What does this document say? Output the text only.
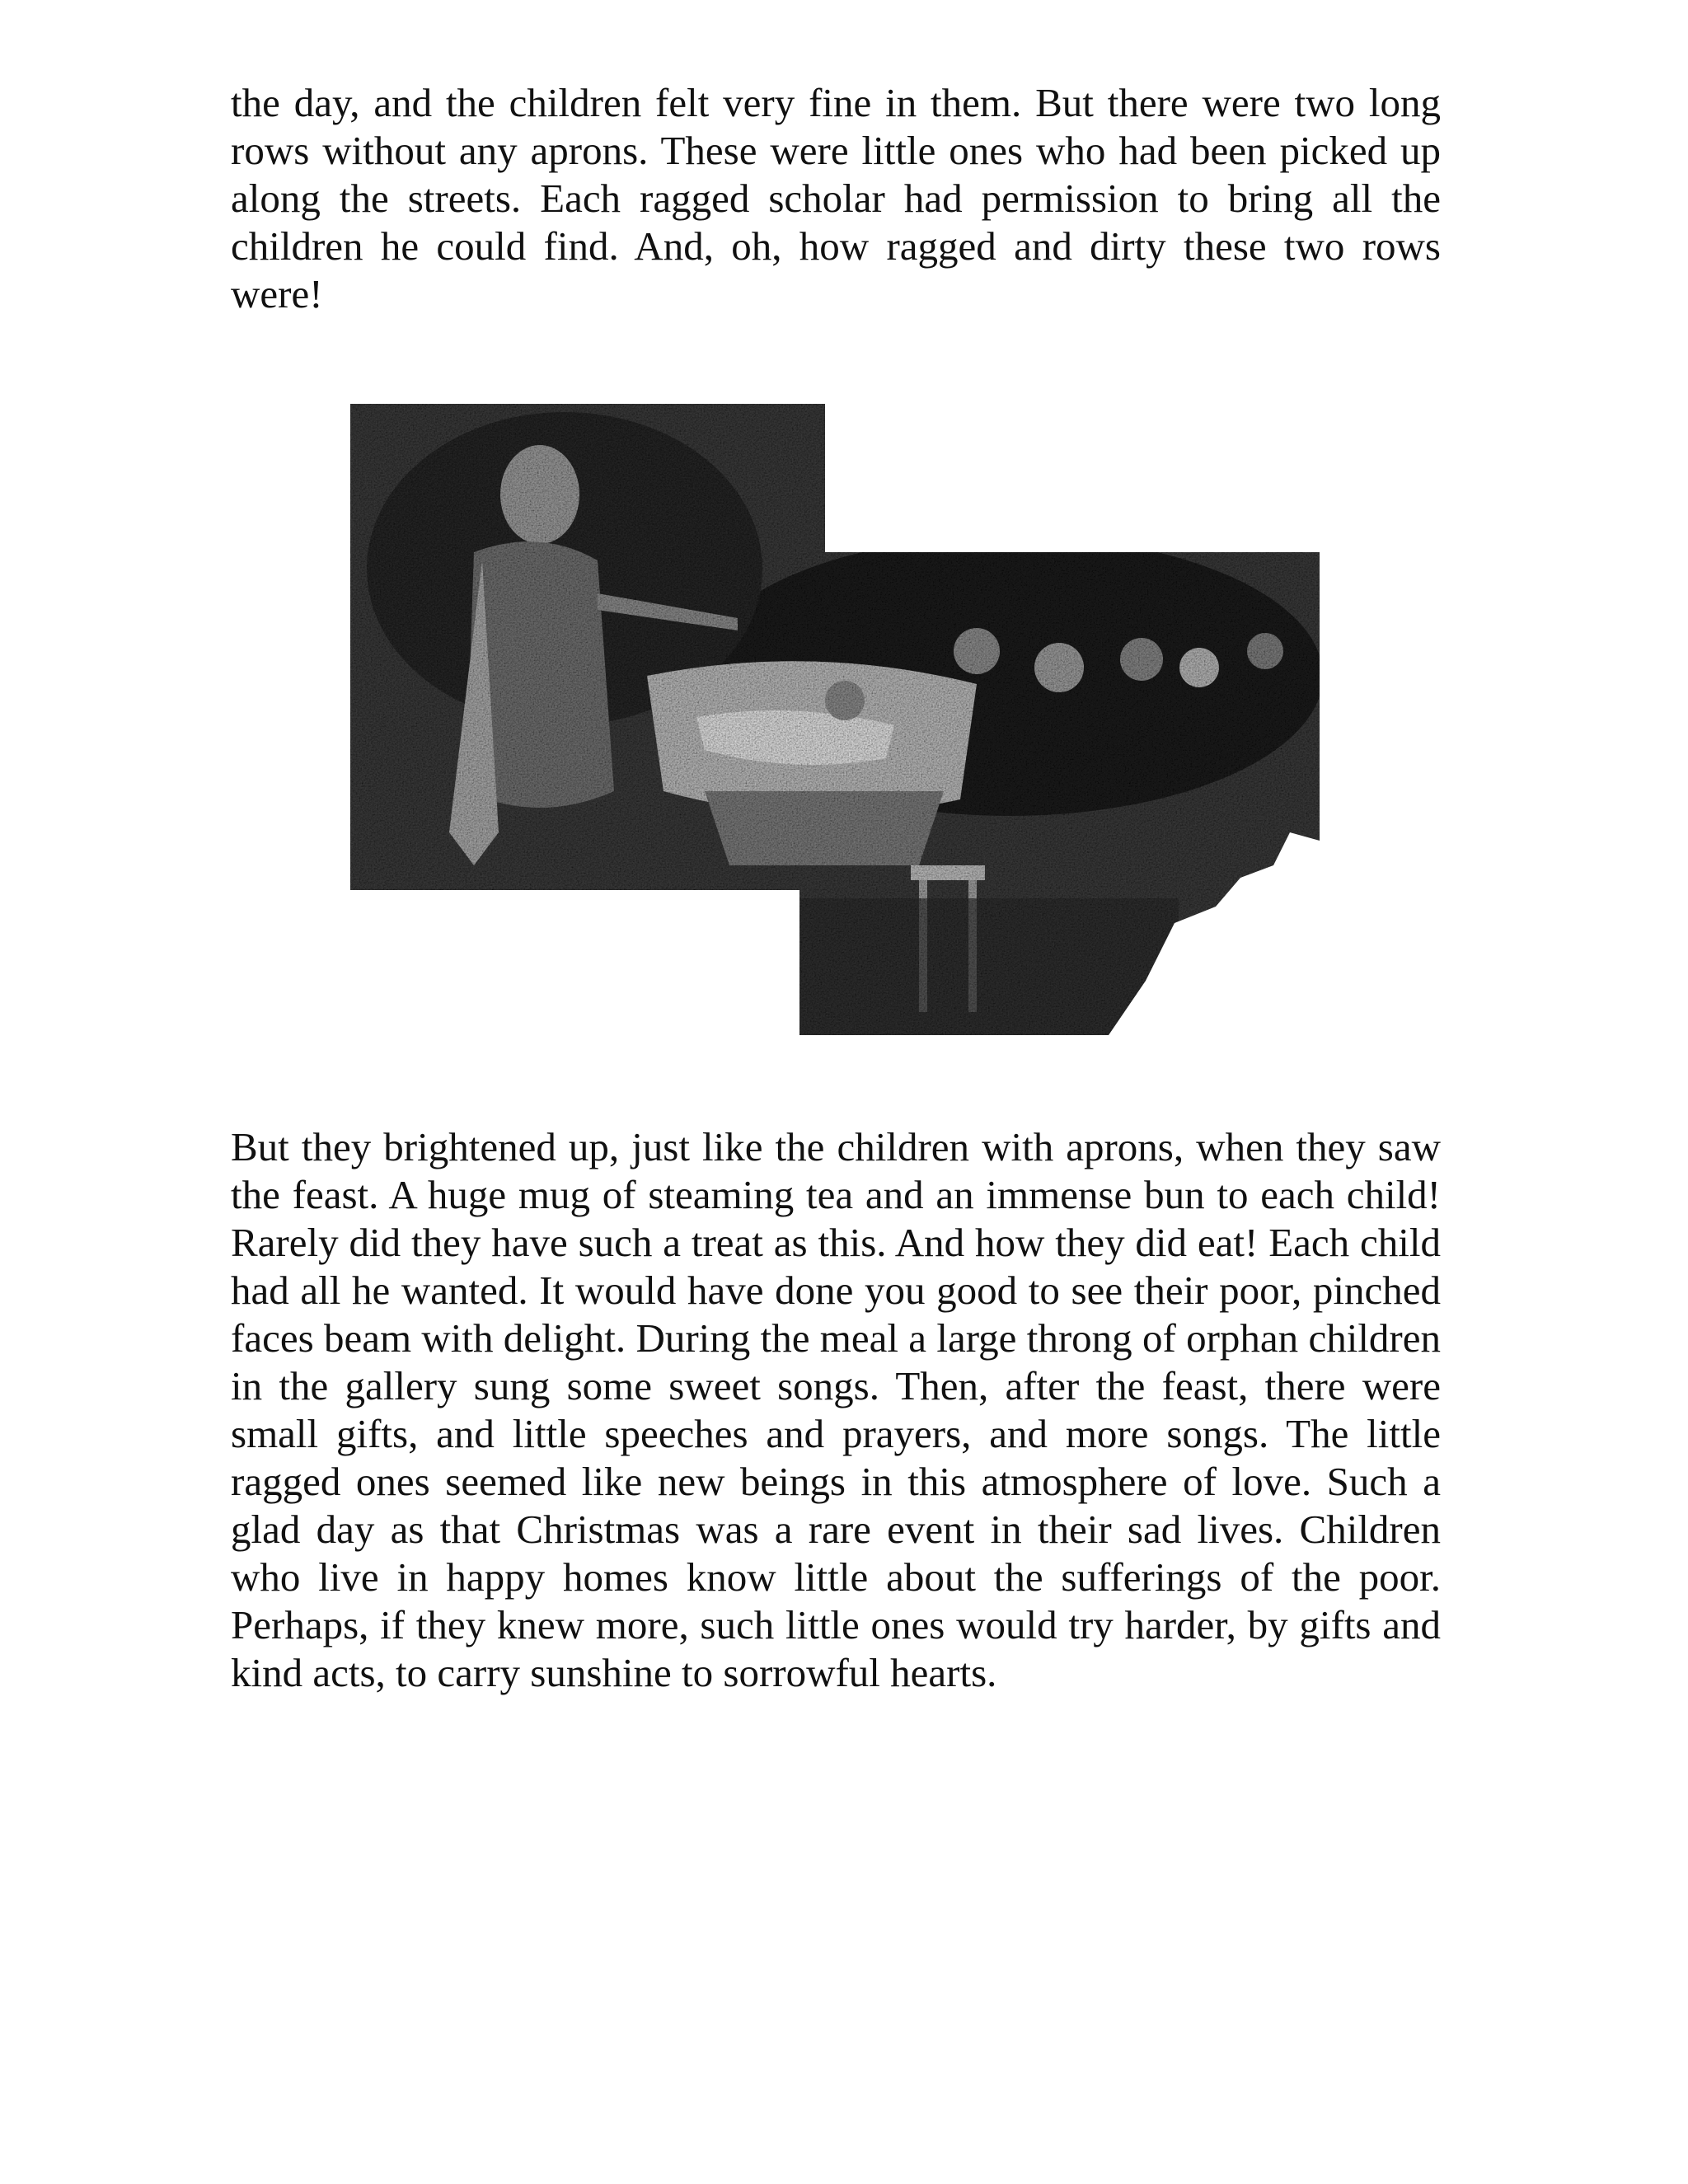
the day, and the children felt very fine in them. But there were two long rows without any aprons. These were little ones who had been picked up along the streets. Each ragged scholar had permission to bring all the children he could find. And, oh, how ragged and dirty these two rows were!

But they brightened up, just like the children with aprons, when they saw the feast. A huge mug of steaming tea and an immense bun to each child! Rarely did they have such a treat as this. And how they did eat! Each child had all he wanted. It would have done you good to see their poor, pinched faces beam with delight. During the meal a large throng of orphan children in the gallery sung some sweet songs. Then, after the feast, there were small gifts, and little speeches and prayers, and more songs. The little ragged ones seemed like new beings in this atmosphere of love. Such a glad day as that Christmas was a rare event in their sad lives. Children who live in happy homes know little about the sufferings of the poor. Perhaps, if they knew more, such little ones would try harder, by gifts and kind acts, to carry sunshine to sorrowful hearts.
